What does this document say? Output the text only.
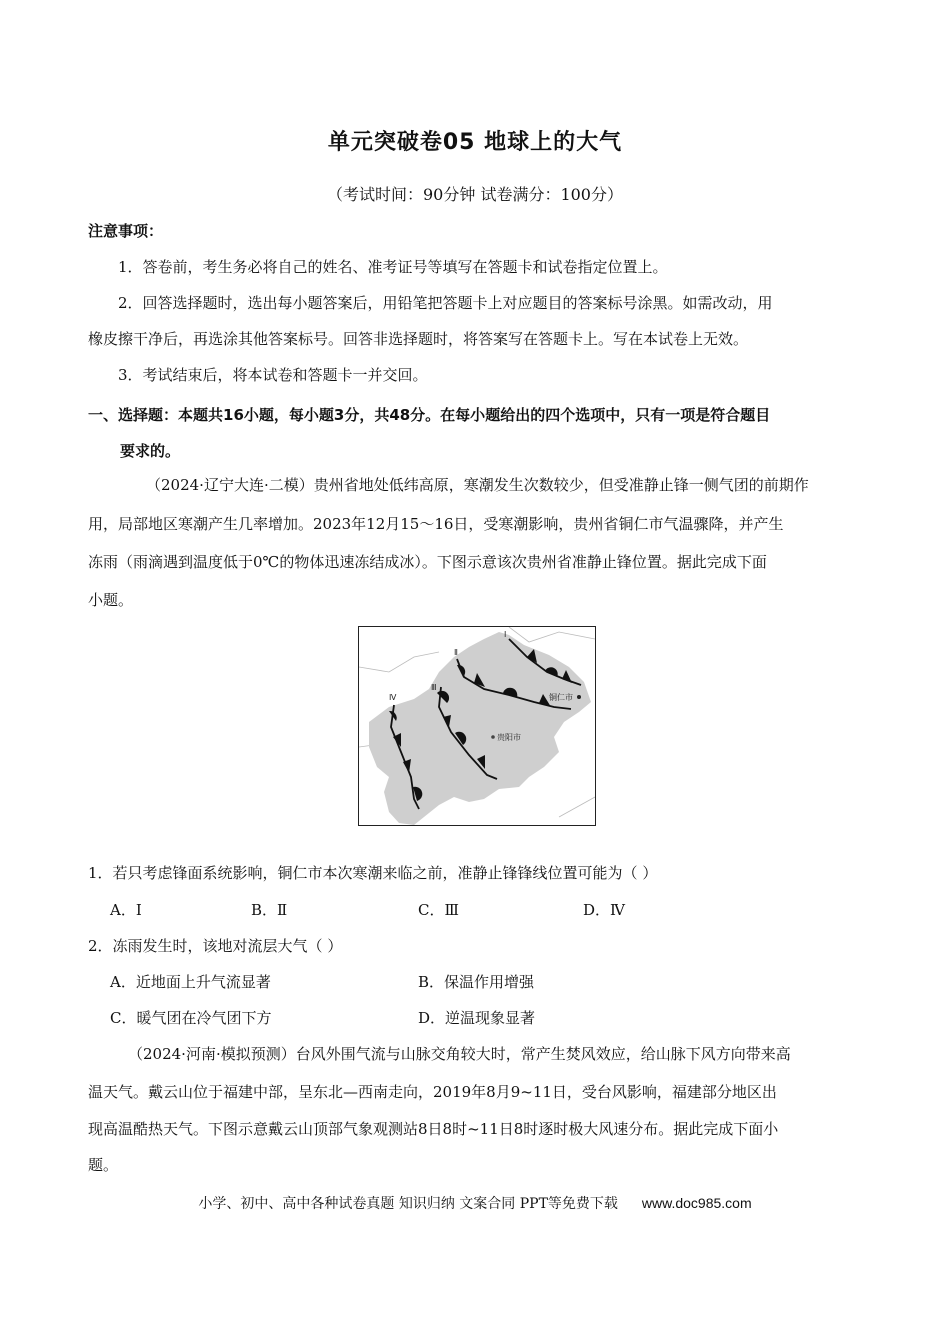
单元突破卷05 地球上的大气
（考试时间：90分钟 试卷满分：100分）
注意事项：
1．答卷前，考生务必将自己的姓名、准考证号等填写在答题卡和试卷指定位置上。
2．回答选择题时，选出每小题答案后，用铅笔把答题卡上对应题目的答案标号涂黑。如需改动，用
橡皮擦干净后，再选涂其他答案标号。回答非选择题时，将答案写在答题卡上。写在本试卷上无效。
3．考试结束后，将本试卷和答题卡一并交回。
一、选择题：本题共16小题，每小题3分，共48分。在每小题给出的四个选项中，只有一项是符合题目
要求的。
（2024·辽宁大连·二模）贵州省地处低纬高原，寒潮发生次数较少，但受准静止锋一侧气团的前期作
用，局部地区寒潮产生几率增加。2023年12月15～16日，受寒潮影响，贵州省铜仁市气温骤降，并产生
冻雨（雨滴遇到温度低于0℃的物体迅速冻结成冰）。下图示意该次贵州省准静止锋位置。据此完成下面
小题。
Ⅰ
Ⅱ
Ⅲ
Ⅳ	铜仁市
贵阳市
1．若只考虑锋面系统影响，铜仁市本次寒潮来临之前，准静止锋锋线位置可能为（ ）
A．Ⅰ	B．Ⅱ	C．Ⅲ	D．Ⅳ
2．冻雨发生时，该地对流层大气（ ）
A．近地面上升气流显著	B．保温作用增强
C．暖气团在冷气团下方	D．逆温现象显著
（2024·河南·模拟预测）台风外围气流与山脉交角较大时，常产生焚风效应，给山脉下风方向带来高
温天气。戴云山位于福建中部，呈东北—西南走向，2019年8月9~11日，受台风影响，福建部分地区出
现高温酷热天气。下图示意戴云山顶部气象观测站8日8时~11日8时逐时极大风速分布。据此完成下面小
题。
小学、初中、高中各种试卷真题 知识归纳 文案合同 PPT等免费下载 www.doc985.com
